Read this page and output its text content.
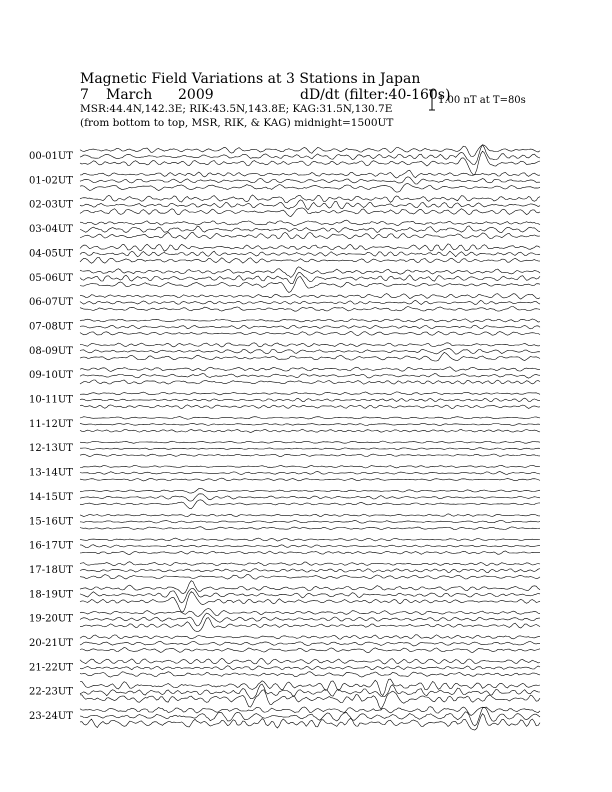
Magnetic Field Variations at 3 Stations in Japan
7 March 2009	dD/dt (filter:40-160s)
MSR:44.4N,142.3E; RIK:43.5N,143.8E; KAG:31.5N,130.7E
(from bottom to top, MSR, RIK, & KAG) midnight=1500UT
1.00 nT at T=80s
00-01UT
01-02UT
02-03UT
03-04UT
04-05UT
05-06UT
06-07UT
07-08UT
08-09UT
09-10UT
10-11UT
11-12UT
12-13UT
13-14UT
14-15UT
15-16UT
16-17UT
17-18UT
18-19UT
19-20UT
20-21UT
21-22UT
22-23UT
23-24UT
